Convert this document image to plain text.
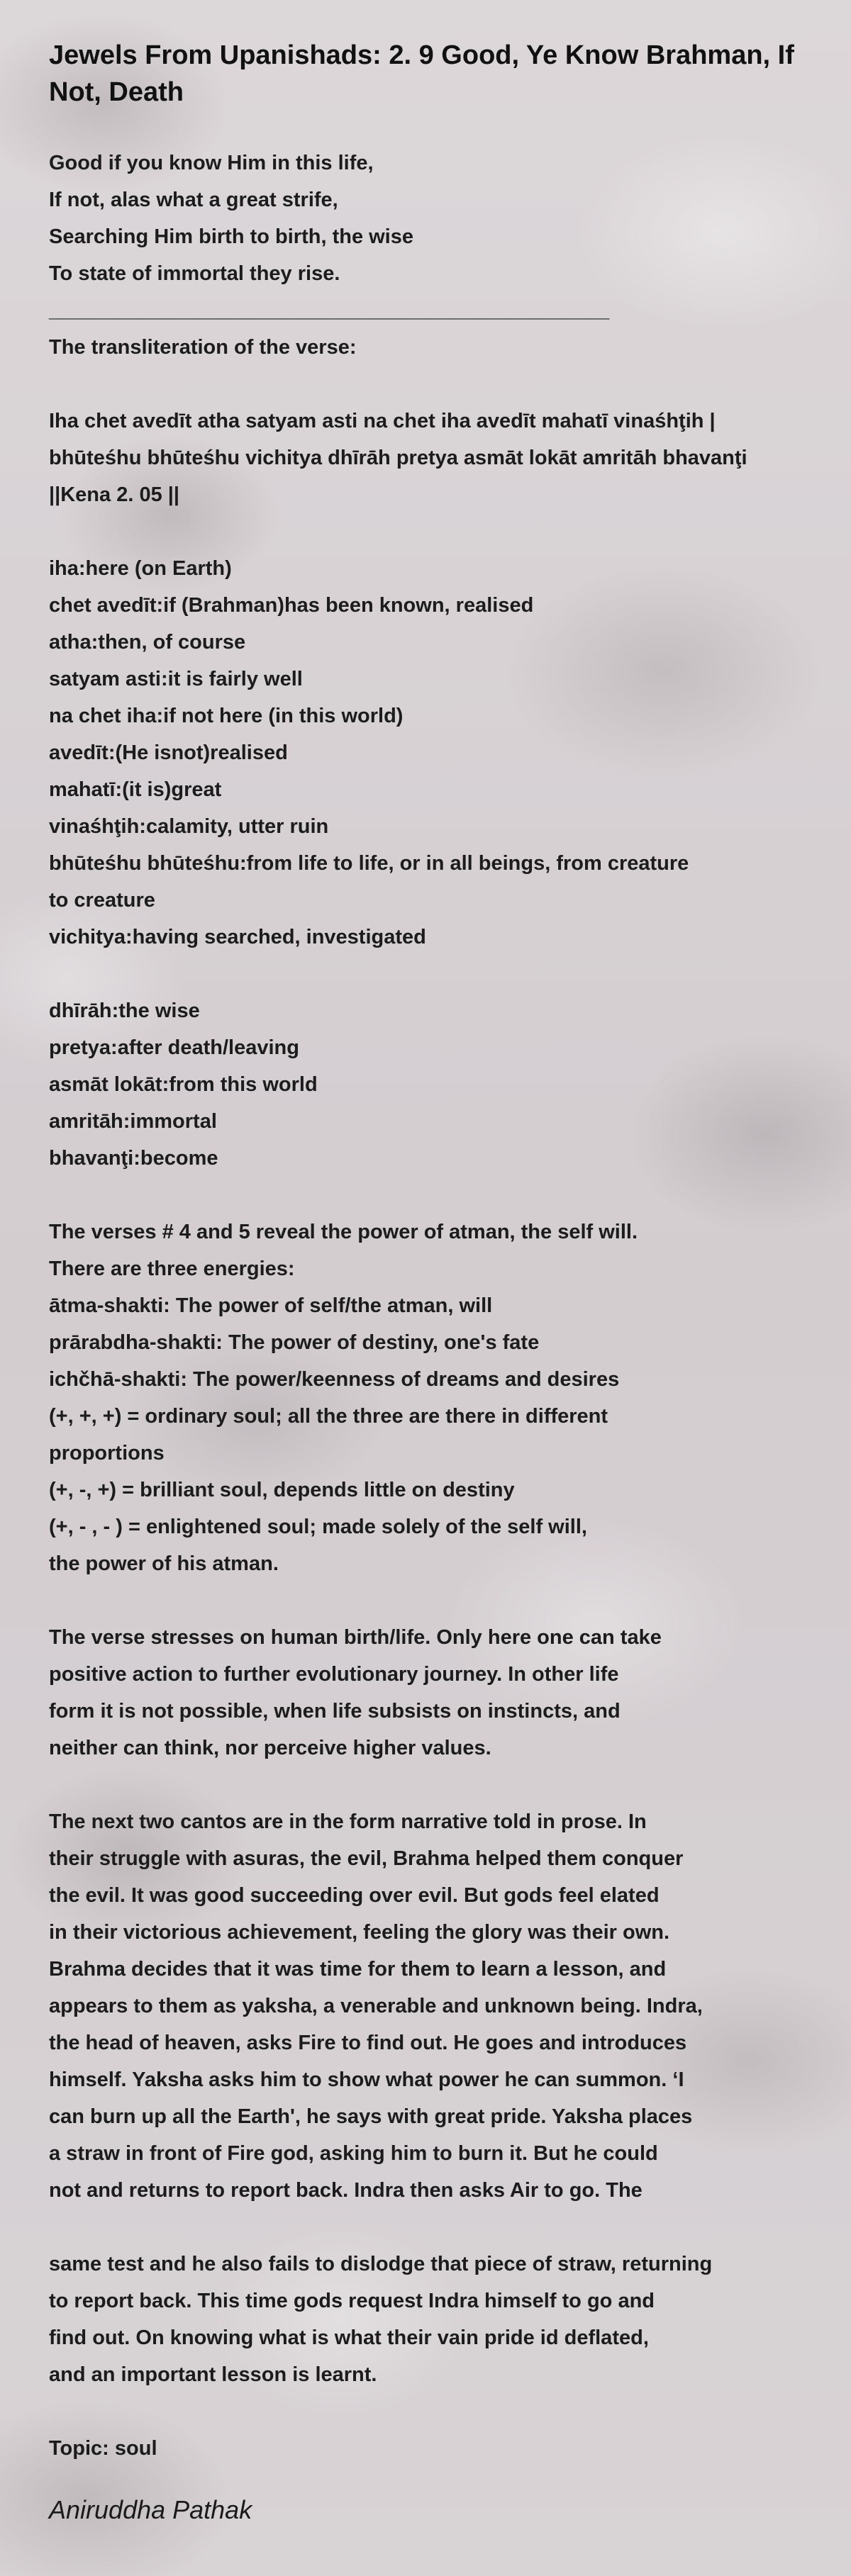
Jewels From Upanishads: 2. 9 Good, Ye Know Brahman, If Not, Death
Good if you know Him in this life,
If not, alas what a great strife,
Searching Him birth to birth, the wise
To state of immortal they rise.
_________________________________________________
The transliteration of the verse:
Iha chet avedīt atha satyam asti na chet iha avedīt mahatī vinaśhţih |
bhūteśhu bhūteśhu vichitya dhīrāh pretya asmāt lokāt amritāh bhavanţi
||Kena 2. 05 ||
iha:here (on Earth)
chet avedīt:if (Brahman)has been known, realised
atha:then, of course
satyam asti:it is fairly well
na chet iha:if not here (in this world)
avedīt:(He isnot)realised
mahatī:(it is)great
vinaśhţih:calamity, utter ruin
bhūteśhu bhūteśhu:from life to life, or in all beings, from creature
to creature
vichitya:having searched, investigated
dhīrāh:the wise
pretya:after death/leaving
asmāt lokāt:from this world
amritāh:immortal
bhavanţi:become
The verses # 4 and 5 reveal the power of atman, the self will.
There are three energies:
ātma-shakti: The power of self/the atman, will
prārabdha-shakti: The power of destiny, one's fate
ichčhā-shakti: The power/keenness of dreams and desires
(+, +, +) = ordinary soul; all the three are there in different
proportions
(+, -, +) = brilliant soul, depends little on destiny
(+, - , - ) = enlightened soul; made solely of the self will,
the power of his atman.
The verse stresses on human birth/life. Only here one can take
positive action to further evolutionary journey. In other life
form it is not possible, when life subsists on instincts, and
neither can think, nor perceive higher values.
The next two cantos are in the form narrative told in prose. In
their struggle with asuras, the evil, Brahma helped them conquer
the evil. It was good succeeding over evil. But gods feel elated
in their victorious achievement, feeling the glory was their own.
Brahma decides that it was time for them to learn a lesson, and
appears to them as yaksha, a venerable and unknown being. Indra,
the head of heaven, asks Fire to find out. He goes and introduces
himself. Yaksha asks him to show what power he can summon. ‘I
can burn up all the Earth', he says with great pride. Yaksha places
a straw in front of Fire god, asking him to burn it. But he could
not and returns to report back. Indra then asks Air to go. The
same test and he also fails to dislodge that piece of straw, returning
to report back. This time gods request Indra himself to go and
find out. On knowing what is what their vain pride id deflated,
and an important lesson is learnt.
Topic: soul
Aniruddha Pathak
